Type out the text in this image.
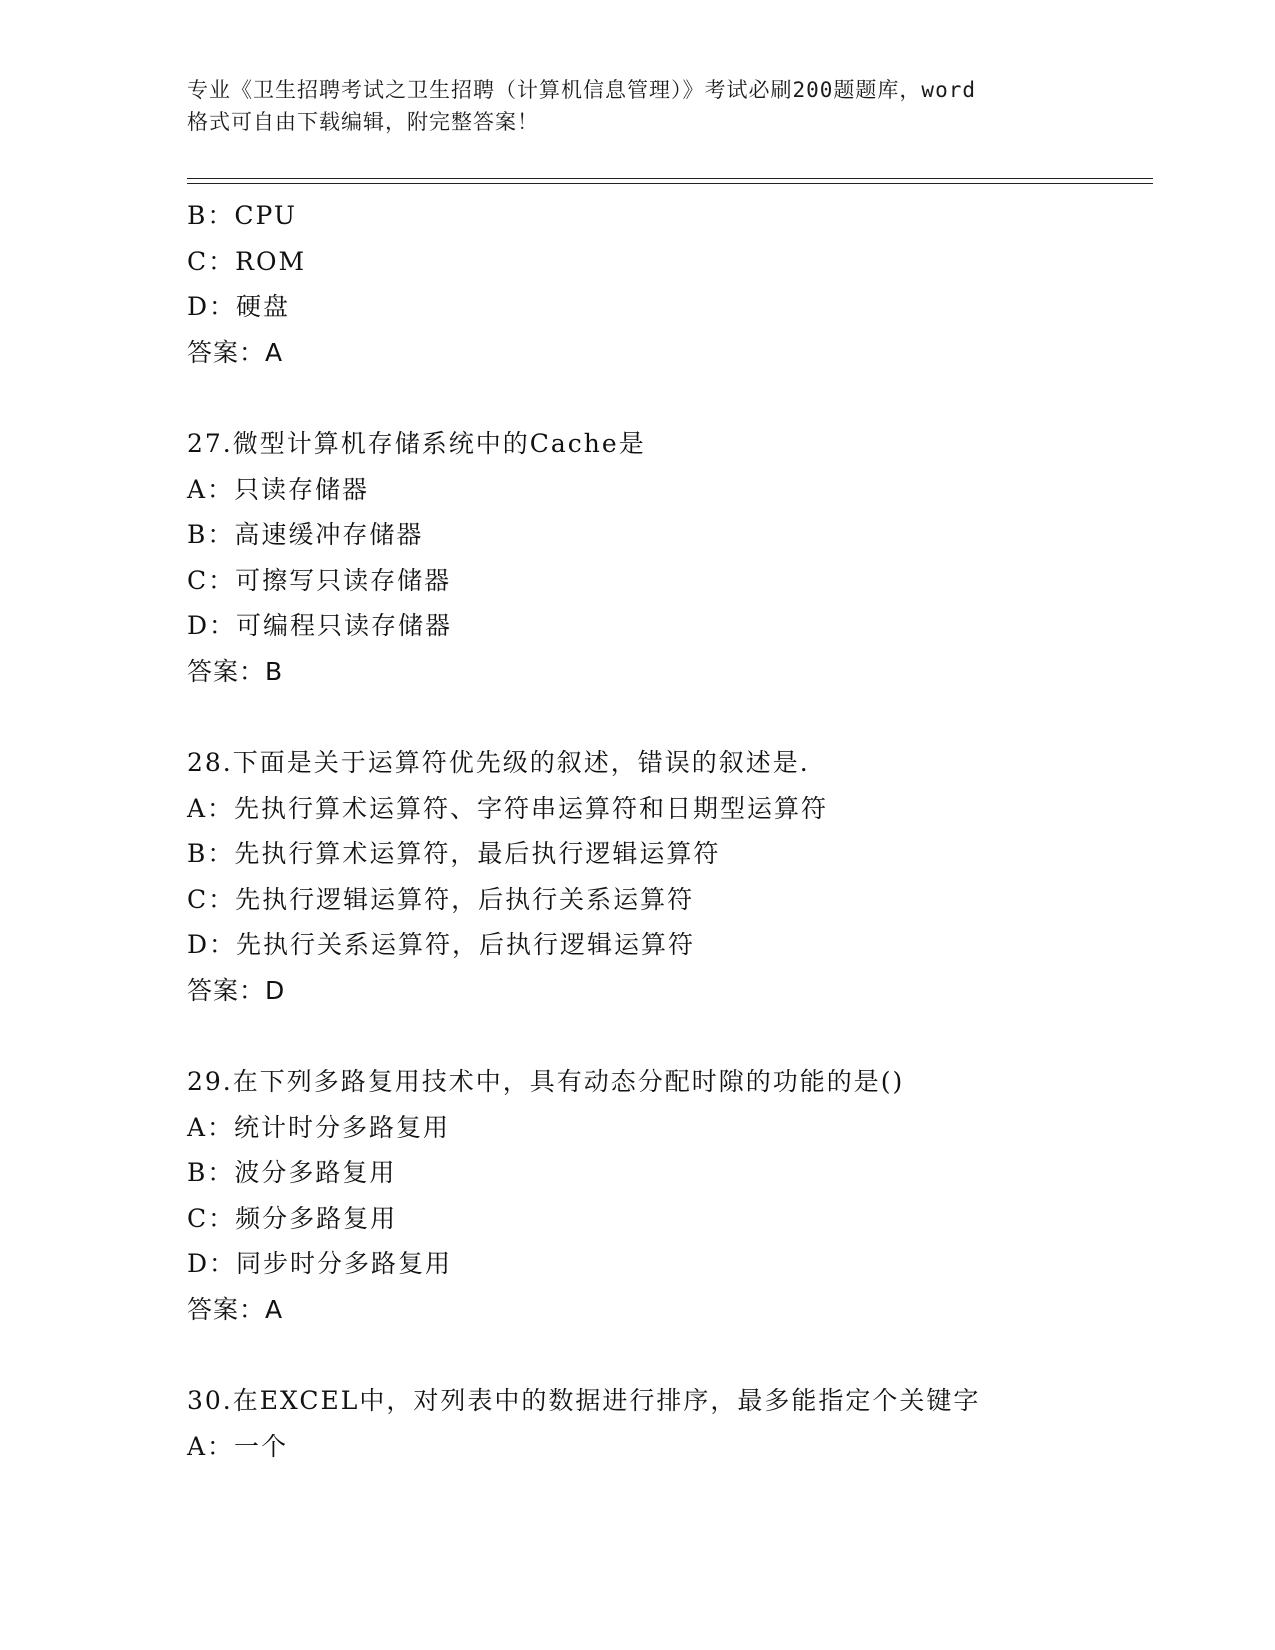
专业《卫生招聘考试之卫生招聘（计算机信息管理）》考试必刷200题题库，word
格式可自由下载编辑，附完整答案！
B：CPU
C：ROM
D：硬盘
答案：A
27.微型计算机存储系统中的Cache是
A：只读存储器
B：高速缓冲存储器
C：可擦写只读存储器
D：可编程只读存储器
答案：B
28.下面是关于运算符优先级的叙述，错误的叙述是.
A：先执行算术运算符、字符串运算符和日期型运算符
B：先执行算术运算符，最后执行逻辑运算符
C：先执行逻辑运算符，后执行关系运算符
D：先执行关系运算符，后执行逻辑运算符
答案：D
29.在下列多路复用技术中，具有动态分配时隙的功能的是()
A：统计时分多路复用
B：波分多路复用
C：频分多路复用
D：同步时分多路复用
答案：A
30.在EXCEL中，对列表中的数据进行排序，最多能指定个关键字
A：一个
